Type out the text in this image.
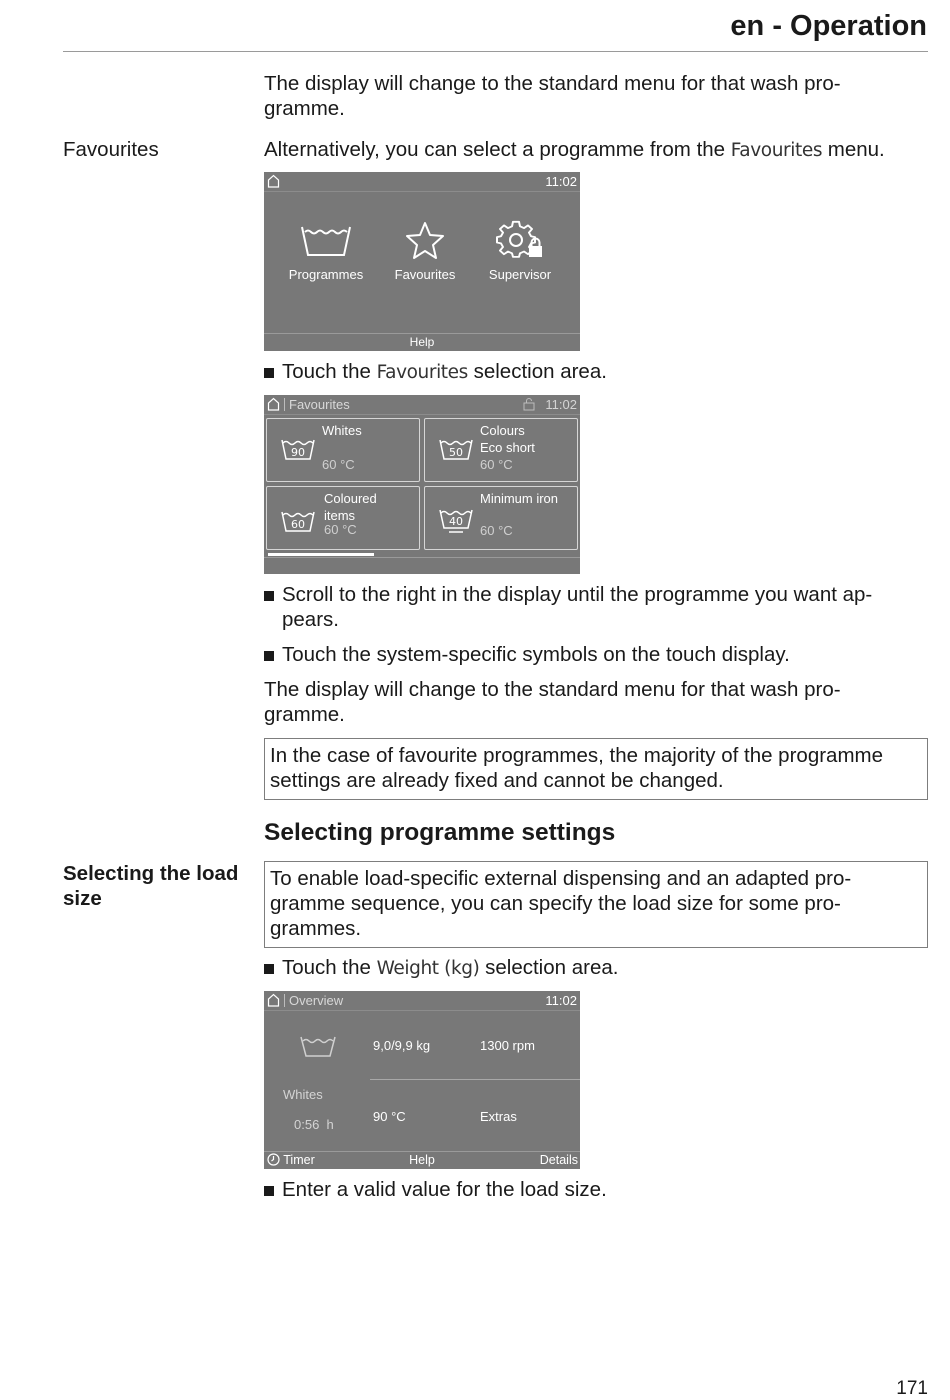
en - Operation
The display will change to the standard menu for that wash pro-
gramme.
Favourites	Alternatively, you can select a programme from the Favourites menu.
11:02
Programmes	Favourites	Supervisor
Help
Touch the Favourites selection area.
Favourites	11:02
90
Whites
60 °C
50
Colours
Eco short
60 °C
60
Coloured
items
60 °C
40
Minimum iron
60 °C
Scroll to the right in the display until the programme you want ap-
pears.
Touch the system-specific symbols on the touch display.
The display will change to the standard menu for that wash pro-
gramme.
In the case of favourite programmes, the majority of the programme
settings are already fixed and cannot be changed.
Selecting programme settings
Selecting the load
size
To enable load-specific external dispensing and an adapted pro-
gramme sequence, you can specify the load size for some pro-
grammes.
Touch the Weight (kg) selection area.
Overview	11:02
Whites
0:56  h
9,0/9,9 kg	1300 rpm
90 °C	Extras
Timer	Help	Details
Enter a valid value for the load size.
171
